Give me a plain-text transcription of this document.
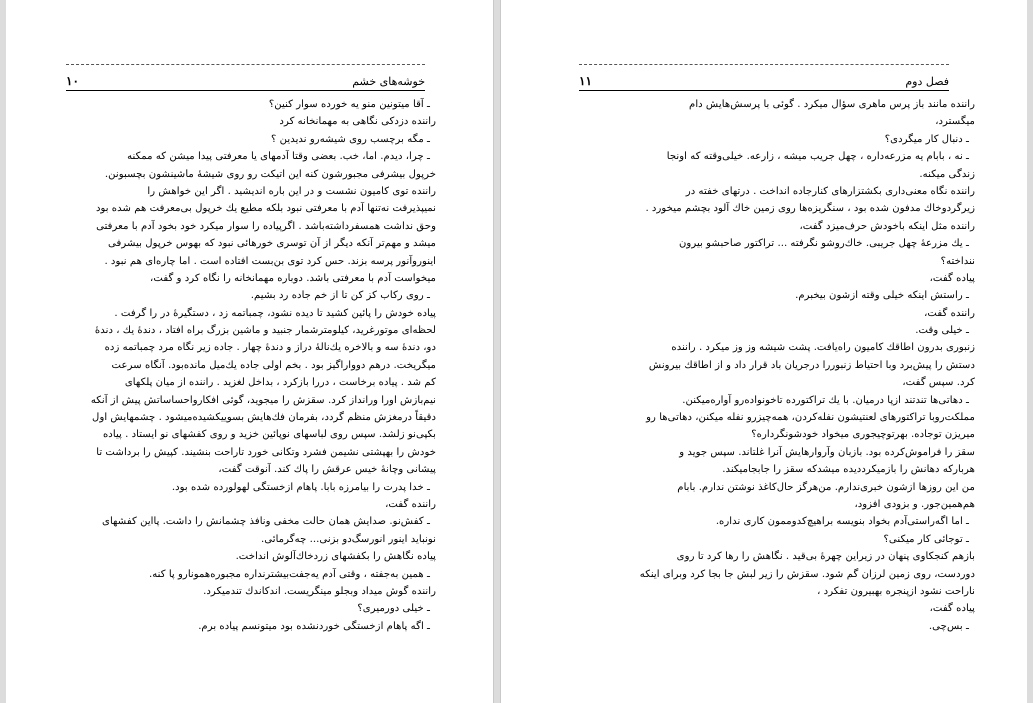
١٠	خوشه‌های خشم
ـ آقا میتونین منو یه خورده سوار کنین؟
راننده دزدکی نگاهی به مهمانخانه کرد
ـ مگه برچسب روی شیشه‌رو ندیدین ؟
ـ چرا، دیدم. اما، خب. بعضی وقتا آدمهای یا معرفتی پیدا میشن که ممکنه
خرپول بیشرفی مجبورشون کنه این اتیکت رو روی شیشهٔ ماشینشون بچسبونن.
راننده توی کامیون نشست و در این باره اندیشید . اگر این خواهش را
نمیپذیرفت نه‌تنها آدم با معرفتی نبود بلکه مطیع یك خرپول بی‌معرفت هم شده بود
وحق نداشت همسفرداشته‌باشد . اگرپیاده را سوار میکرد خود بخود آدم با معرفتی
میشد و مهم‌تر آنکه دیگر از آن توسری خورهائی نبود که بهوس خرپول بیشرفی
اینوروآنور پرسه بزند. حس کرد توی بن‌بست افتاده است . اما چاره‌ای هم نبود .
میخواست آدم با معرفتی باشد. دوباره مهمانخانه را نگاه کرد و گفت،
ـ روی رکاب کز کن تا از خم جاده رد بشیم.
پیاده خودش را پائین کشید تا دیده نشود، چمباتمه زد ، دستگیرهٔ در را گرفت .
لحظه‌ای موتورغرید، کیلومترشمار جنبید و ماشین بزرگ براه افتاد ، دندهٔ یك ، دندهٔ
دو، دندهٔ سه و بالاخره یك‌ناله‌ٔ دراز و دندهٔ چهار . جاده زیر نگاه مرد چمباتمه زده
میگریخت. درهم دوواراگیز بود . بخم اولی جاده یك‌میل مانده‌بود. آنگاه سرعت
کم شد . پیاده برخاست ، دررا بازکرد ، بداخل لغزید . راننده از میان پلکهای
نیم‌بازش اورا ورانداز کرد. سقزش را میجوید، گوئی افکارواحساساتش پیش از آنکه
دقیقاً درمغزش منظم گردد، بفرمان فك‌هایش بسوییکشیده‌میشود . چشمهایش اول
بکپی‌نو زلشد. سپس روی لباسهای نوپائین خزید و روی کفشهای نو ایستاد . پیاده
خودش را بهپشتی نشیمن فشرد وتکانی خورد تاراحت بنشیند. کپیش را برداشت تا
پیشانی وچانهٔ خیس عرقش را پاك کند. آنوقت گفت،
ـ خدا پدرت را بیامرزه بابا. پاهام ازخستگی لهولورده شده بود.
راننده گفت،
ـ کفش‌نو. صدایش همان حالت مخفی ونافذ چشمانش را داشت. پااین کفشهای
نونباید اینور انورسگ‌دو بزنی... چه‌گرمائی.
پیاده نگاهش را بکفشهای زردخاك‌آلوش انداخت.
ـ همین به‌جفته ، وقتی آدم یه‌جفت‌بیشترنداره مجبوره‌همونارو پا کنه.
راننده گوش میداد وبجلو مینگریست. اندکاندك تندمیکرد.
ـ خیلی دورمیری؟
ـ اگه پاهام ازخستگی خوردنشده بود میتونسم پیاده برم.
١١	فصل دوم
راننده مانند باز پرس ماهری سؤال میکرد . گوئی با پرسش‌هایش دام
میگسترد،
ـ دنبال کار میگردی؟
ـ نه ، بابام یه مزرعه‌داره ، چهل جریب میشه ، زارعه. خیلی‌وقته که اونجا
زندگی میکنه.
راننده نگاه معنی‌داری بکشتزارهای کنارجاده انداخت . درتهای خفته در
زیرگردوخاك مدفون شده بود ، سنگریزه‌ها روی زمین خاك آلود بچشم میخورد .
راننده مثل اینکه باخودش حرف‌میزد گفت،
ـ یك مزرعهٔ چهل جریبی. خاك‌روشو نگرفته ... تراکتور صاحبشو بیرون
ننداخته؟
پیاده گفت،
ـ راستش اینکه خیلی وقته ازشون بیخبرم.
راننده گفت،
ـ خیلی وقت.
زنبوری بدرون اطاقك کامیون راه‌یافت. پشت شیشه وز وز میکرد . راننده
دستش را پیش‌برد وبا احتیاط زنبوررا درجریان باد قرار داد و از اطاقك بیرونش
کرد. سپس گفت،
ـ دهاتی‌ها تندتند ازپا درمیان. با یك تراکتورده تاخونواده‌رو آواره‌میکنن.
مملکت‌روبا تراکتورهای لعنتیشون نفله‌کردن، همه‌چیزرو نفله میکنن، دهاتی‌ها رو
میریزن توجاده. بهرتوچیجوری میخواد خودشونگرداره؟
سقز را فراموش‌کرده بود. بازبان وآروارهایش آنرا غلتاند. سپس جوید و
هربارکه دهانش را بازمیکرددیده میشدکه سقز را جابجامیکند.
من این روزها ازشون خبری‌ندارم. من‌هرگز حال‌کاغذ نوشتن ندارم. بابام
هم‌همین‌جور. و بزودی افزود،
ـ اما اگه‌راستی‌آدم بخواد بنویسه براهیچ‌کدوممون کاری نداره.
ـ توجائی کار میکنی؟
بازهم کنجکاوی پنهان در زیراین چهرهٔ بی‌قید . نگاهش را رها کرد تا روی
دوردست، روی زمین لرزان گم شود. سقزش را زیر لبش جا بجا کرد وبرای اینکه
ناراحت نشود ازپنجره بهبیرون تفکرد ،
پیاده گفت،
ـ بس‌چی.
